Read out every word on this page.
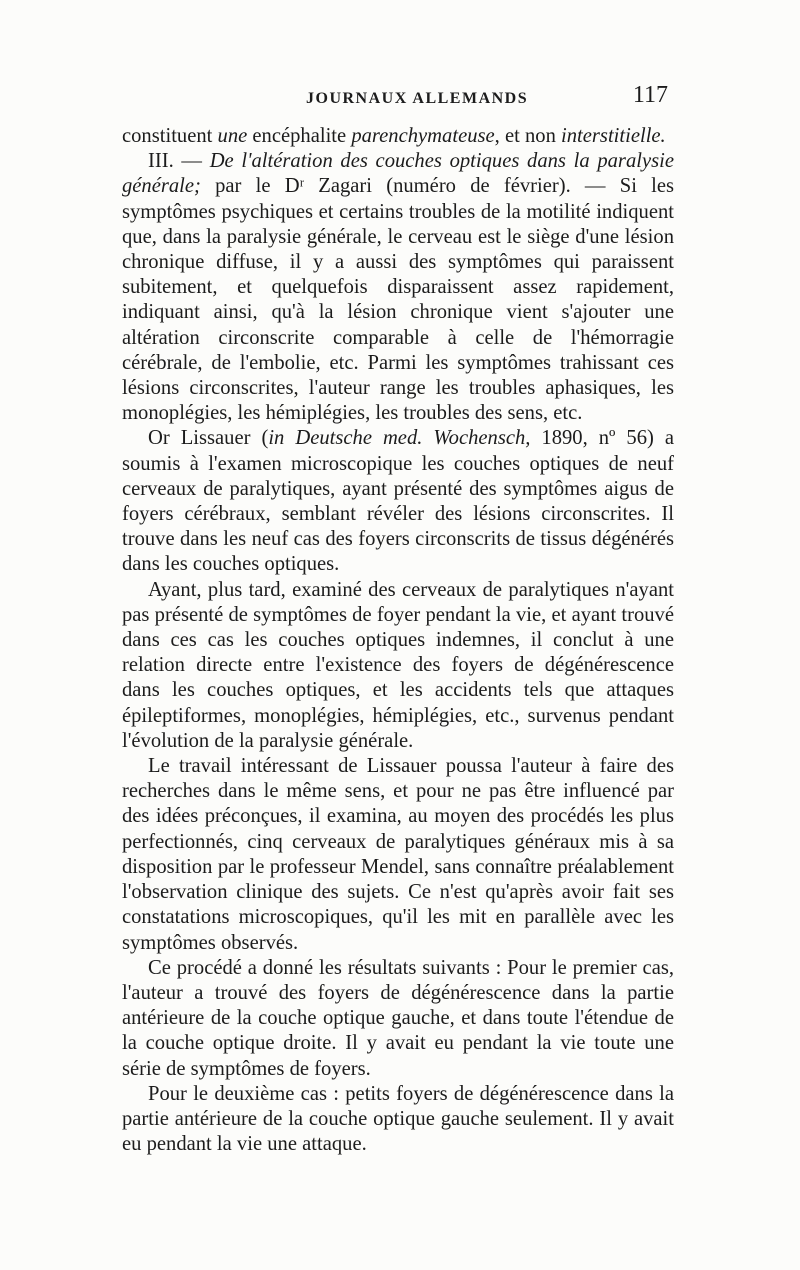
JOURNAUX ALLEMANDS	117

constituent une encéphalite parenchymateuse, et non interstitielle.

III. — De l'altération des couches optiques dans la paralysie générale; par le Dʳ Zagari (numéro de février). — Si les symptômes psychiques et certains troubles de la motilité indiquent que, dans la paralysie générale, le cerveau est le siège d'une lésion chronique diffuse, il y a aussi des symptômes qui paraissent subitement, et quelquefois disparaissent assez rapidement, indiquant ainsi, qu'à la lésion chronique vient s'ajouter une altération circonscrite comparable à celle de l'hémorragie cérébrale, de l'embolie, etc. Parmi les symptômes trahissant ces lésions circonscrites, l'auteur range les troubles aphasiques, les monoplégies, les hémiplégies, les troubles des sens, etc.

Or Lissauer (in Deutsche med. Wochensch, 1890, nº 56) a soumis à l'examen microscopique les couches optiques de neuf cerveaux de paralytiques, ayant présenté des symptômes aigus de foyers cérébraux, semblant révéler des lésions circonscrites. Il trouve dans les neuf cas des foyers circonscrits de tissus dégénérés dans les couches optiques.

Ayant, plus tard, examiné des cerveaux de paralytiques n'ayant pas présenté de symptômes de foyer pendant la vie, et ayant trouvé dans ces cas les couches optiques indemnes, il conclut à une relation directe entre l'existence des foyers de dégénérescence dans les couches optiques, et les accidents tels que attaques épileptiformes, monoplégies, hémiplégies, etc., survenus pendant l'évolution de la paralysie générale.

Le travail intéressant de Lissauer poussa l'auteur à faire des recherches dans le même sens, et pour ne pas être influencé par des idées préconçues, il examina, au moyen des procédés les plus perfectionnés, cinq cerveaux de paralytiques généraux mis à sa disposition par le professeur Mendel, sans connaître préalablement l'observation clinique des sujets. Ce n'est qu'après avoir fait ses constatations microscopiques, qu'il les mit en parallèle avec les symptômes observés.

Ce procédé a donné les résultats suivants : Pour le premier cas, l'auteur a trouvé des foyers de dégénérescence dans la partie antérieure de la couche optique gauche, et dans toute l'étendue de la couche optique droite. Il y avait eu pendant la vie toute une série de symptômes de foyers.

Pour le deuxième cas : petits foyers de dégénérescence dans la partie antérieure de la couche optique gauche seulement. Il y avait eu pendant la vie une attaque.
